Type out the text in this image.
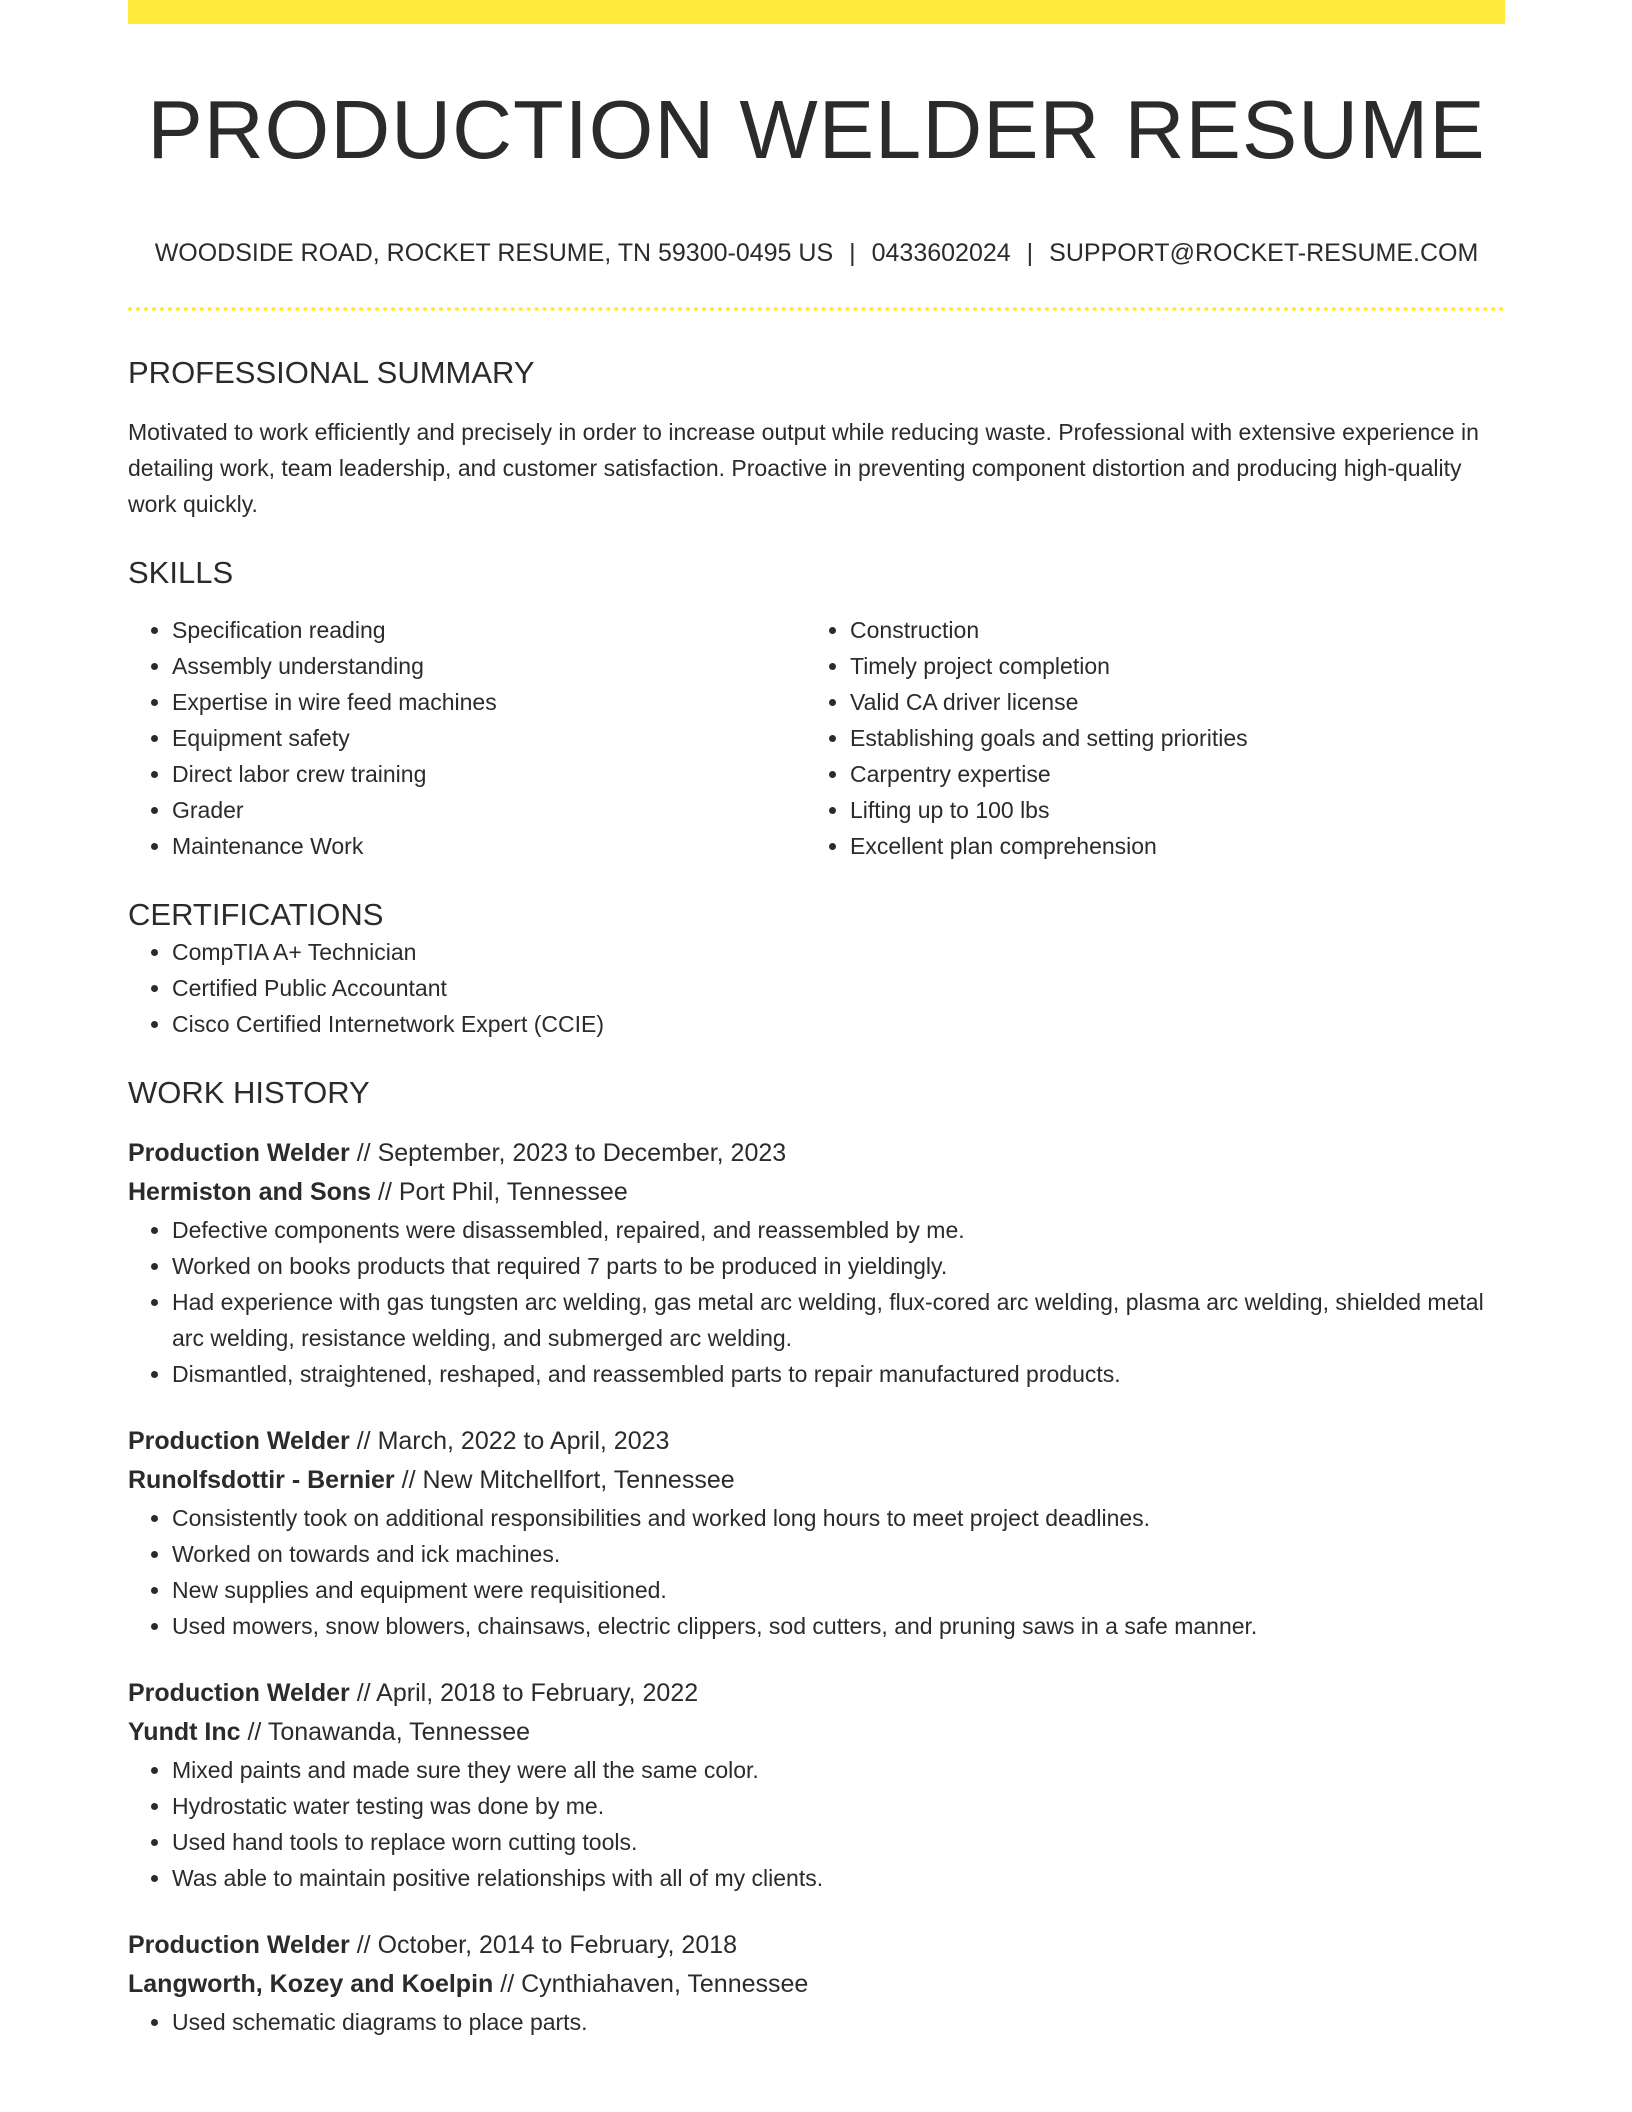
PRODUCTION WELDER RESUME
WOODSIDE ROAD, ROCKET RESUME, TN 59300-0495 US | 0433602024 | SUPPORT@ROCKET-RESUME.COM
PROFESSIONAL SUMMARY
Motivated to work efficiently and precisely in order to increase output while reducing waste. Professional with extensive experience in detailing work, team leadership, and customer satisfaction. Proactive in preventing component distortion and producing high-quality work quickly.
SKILLS
• Specification reading
• Assembly understanding
• Expertise in wire feed machines
• Equipment safety
• Direct labor crew training
• Grader
• Maintenance Work
• Construction
• Timely project completion
• Valid CA driver license
• Establishing goals and setting priorities
• Carpentry expertise
• Lifting up to 100 lbs
• Excellent plan comprehension
CERTIFICATIONS
• CompTIA A+ Technician
• Certified Public Accountant
• Cisco Certified Internetwork Expert (CCIE)
WORK HISTORY
Production Welder // September, 2023 to December, 2023
Hermiston and Sons // Port Phil, Tennessee
• Defective components were disassembled, repaired, and reassembled by me.
• Worked on books products that required 7 parts to be produced in yieldingly.
• Had experience with gas tungsten arc welding, gas metal arc welding, flux-cored arc welding, plasma arc welding, shielded metal arc welding, resistance welding, and submerged arc welding.
• Dismantled, straightened, reshaped, and reassembled parts to repair manufactured products.
Production Welder // March, 2022 to April, 2023
Runolfsdottir - Bernier // New Mitchellfort, Tennessee
• Consistently took on additional responsibilities and worked long hours to meet project deadlines.
• Worked on towards and ick machines.
• New supplies and equipment were requisitioned.
• Used mowers, snow blowers, chainsaws, electric clippers, sod cutters, and pruning saws in a safe manner.
Production Welder // April, 2018 to February, 2022
Yundt Inc // Tonawanda, Tennessee
• Mixed paints and made sure they were all the same color.
• Hydrostatic water testing was done by me.
• Used hand tools to replace worn cutting tools.
• Was able to maintain positive relationships with all of my clients.
Production Welder // October, 2014 to February, 2018
Langworth, Kozey and Koelpin // Cynthiahaven, Tennessee
• Used schematic diagrams to place parts.
